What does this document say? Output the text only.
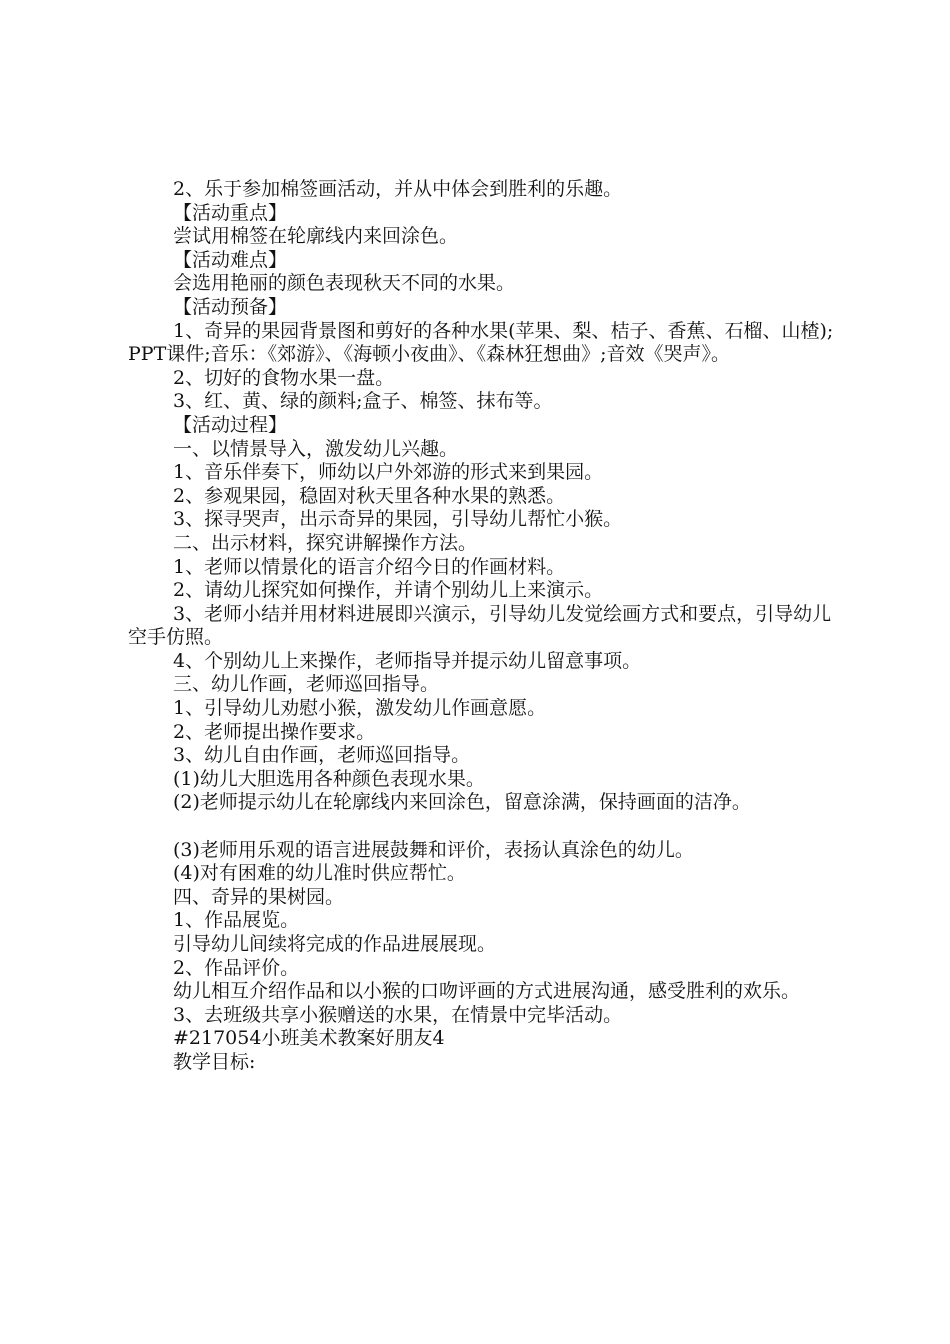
2、乐于参加棉签画活动，并从中体会到胜利的乐趣。

【活动重点】

尝试用棉签在轮廓线内来回涂色。

【活动难点】

会选用艳丽的颜色表现秋天不同的水果。

【活动预备】

1、奇异的果园背景图和剪好的各种水果(苹果、梨、桔子、香蕉、石榴、山楂);PPT课件;音乐：《郊游》、《海顿小夜曲》、《森林狂想曲》;音效《哭声》。

2、切好的食物水果一盘。

3、红、黄、绿的颜料;盒子、棉签、抹布等。

【活动过程】

一、以情景导入，激发幼儿兴趣。

1、音乐伴奏下，师幼以户外郊游的形式来到果园。

2、参观果园，稳固对秋天里各种水果的熟悉。

3、探寻哭声，出示奇异的果园，引导幼儿帮忙小猴。

二、出示材料，探究讲解操作方法。

1、老师以情景化的语言介绍今日的作画材料。

2、请幼儿探究如何操作，并请个别幼儿上来演示。

3、老师小结并用材料进展即兴演示，引导幼儿发觉绘画方式和要点，引导幼儿空手仿照。

4、个别幼儿上来操作，老师指导并提示幼儿留意事项。

三、幼儿作画，老师巡回指导。

1、引导幼儿劝慰小猴，激发幼儿作画意愿。

2、老师提出操作要求。

3、幼儿自由作画，老师巡回指导。

(1)幼儿大胆选用各种颜色表现水果。

(2)老师提示幼儿在轮廓线内来回涂色，留意涂满，保持画面的洁净。

(3)老师用乐观的语言进展鼓舞和评价，表扬认真涂色的幼儿。

(4)对有困难的幼儿准时供应帮忙。

四、奇异的果树园。

1、作品展览。

引导幼儿间续将完成的作品进展展现。

2、作品评价。

幼儿相互介绍作品和以小猴的口吻评画的方式进展沟通，感受胜利的欢乐。

3、去班级共享小猴赠送的水果，在情景中完毕活动。

#217054小班美术教案好朋友4

教学目标:
